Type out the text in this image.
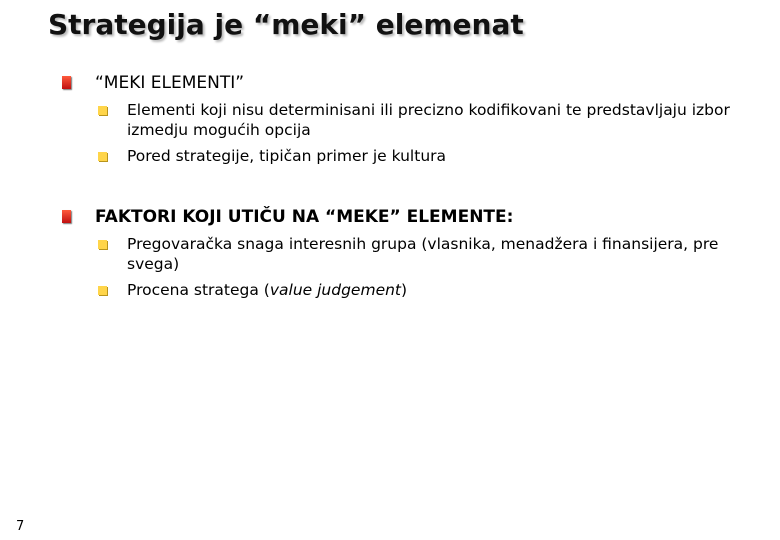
Strategija je “meki” elemenat
“MEKI ELEMENTI”
Elementi koji nisu determinisani ili precizno kodifikovani te predstavljaju izbor izmedju mogućih opcija
Pored strategije, tipičan primer je kultura
FAKTORI KOJI UTIČU NA “MEKE” ELEMENTE:
Pregovaračka snaga interesnih grupa (vlasnika, menadžera i finansijera, pre svega)
Procena stratega (value judgement)
7
